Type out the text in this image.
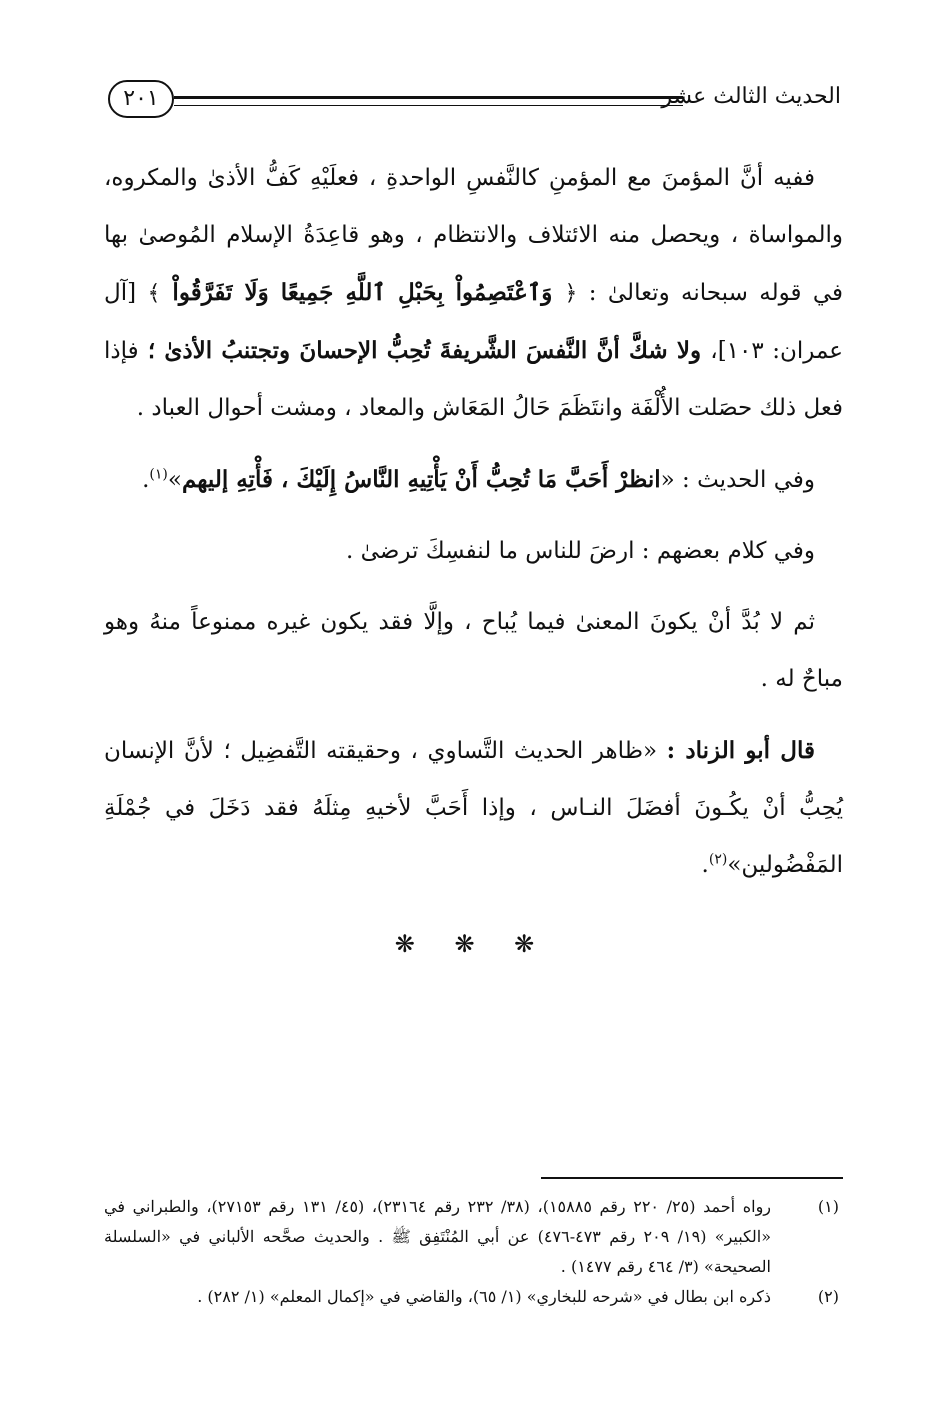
الحديث الثالث عشر
٢٠١

ففيه أنَّ المؤمنَ مع المؤمنِ كالنَّفسِ الواحدةِ ، فعلَيْهِ كَفُّ الأذىٰ والمكروه، والمواساة ، ويحصل منه الائتلاف والانتظام ، وهو قاعِدَةُ الإسلام المُوصىٰ بها في قوله سبحانه وتعالىٰ : ﴿ وَٱعْتَصِمُواْ بِحَبْلِ ٱللَّهِ جَمِيعًا وَلَا تَفَرَّقُواْ ﴾ [آل عمران: ١٠٣]، ولا شكَّ أنَّ النَّفسَ الشَّريفةَ تُحِبُّ الإحسانَ وتجتنبُ الأذىٰ ؛ فإذا فعل ذلك حصَلت الأُلْفَة وانتَظَمَ حَالُ المَعَاش والمعاد ، ومشت أحوال العباد .

وفي الحديث : «انظرْ أَحَبَّ مَا تُحِبُّ أَنْ يَأْتِيهِ النَّاسُ إِلَيْكَ ، فَأْتِهِ إليهم»$^{(١)}$.

وفي كلام بعضهم : ارضَ للناس ما لنفسِكَ ترضىٰ .

ثم لا بُدَّ أنْ يكونَ المعنىٰ فيما يُباح ، وإلَّا فقد يكون غيره ممنوعاً منهُ وهو مباحٌ له .

قال أبو الزناد : «ظاهر الحديث التَّساوي ، وحقيقته التَّفضِيل ؛ لأنَّ الإنسان يُحِبُّ أنْ يكُـونَ أفضَلَ النـاس ، وإذا أَحَبَّ لأخيهِ مِثلَهُ فقد دَخَلَ في جُمْلَةِ المَفْضُولين»$^{(٢)}$.

❋ ❋ ❋
(١)
رواه أحمد (٢٥/ ٢٢٠ رقم ١٥٨٨٥)، (٣٨/ ٢٣٢ رقم ٢٣١٦٤)، (٤٥/ ١٣١ رقم ٢٧١٥٣)، والطبراني في «الكبير» (١٩/ ٢٠٩ رقم ٤٧٣-٤٧٦) عن أبي المُنْتَفِق ﷺ . والحديث صحَّحه الألباني في «السلسلة الصحيحة» (٣/ ٤٦٤ رقم ١٤٧٧) .
(٢)
ذكره ابن بطال في «شرحه للبخاري» (١/ ٦٥)، والقاضي في «إكمال المعلم» (١/ ٢٨٢) .
